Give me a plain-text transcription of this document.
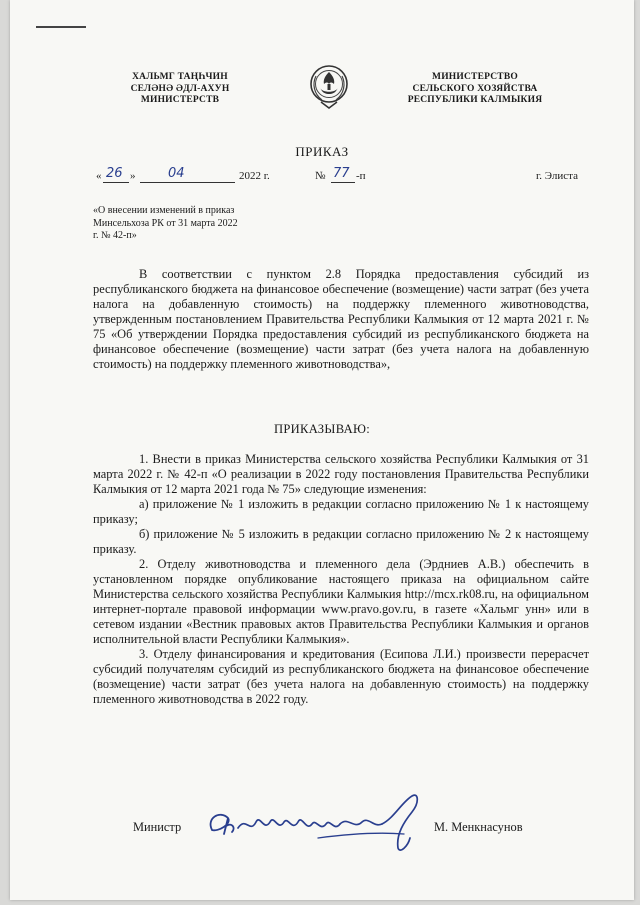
ХАЛЬМГ ТАҢҺЧИН
СЕЛӘНӘ ӘДЛ-АХУН
МИНИСТЕРСТВ
МИНИСТЕРСТВО
СЕЛЬСКОГО ХОЗЯЙСТВА
РЕСПУБЛИКИ КАЛМЫКИЯ
ПРИКАЗ
« 26 »	04	2022 г.	№ 77 -п	г. Элиста
«О внесении изменений в приказ
Минсельхоза РК от 31 марта 2022
г. № 42-п»

В соответствии с пунктом 2.8 Порядка предоставления субсидий из республиканского бюджета на финансовое обеспечение (возмещение) части затрат (без учета налога на добавленную стоимость) на поддержку племенного животноводства, утвержденным постановлением Правительства Республики Калмыкия от 12 марта 2021 г. № 75 «Об утверждении Порядка предоставления субсидий из республиканского бюджета на финансовое обеспечение (возмещение) части затрат (без учета налога на добавленную стоимость) на поддержку племенного животноводства»,

ПРИКАЗЫВАЮ:

1. Внести в приказ Министерства сельского хозяйства Республики Калмыкия от 31 марта 2022 г. № 42-п «О реализации в 2022 году постановления Правительства Республики Калмыкия от 12 марта 2021 года № 75» следующие изменения:

а) приложение № 1 изложить в редакции согласно приложению № 1 к настоящему приказу;

б) приложение № 5 изложить в редакции согласно приложению № 2 к настоящему приказу.

2. Отделу животноводства и племенного дела (Эрдниев А.В.) обеспечить в установленном порядке опубликование настоящего приказа на официальном сайте Министерства сельского хозяйства Республики Калмыкия http://mcx.rk08.ru, на официальном интернет-портале правовой информации www.pravo.gov.ru, в газете «Хальмг унн» или в сетевом издании «Вестник правовых актов Правительства Республики Калмыкия и органов исполнительной власти Республики Калмыкия».

3. Отделу финансирования и кредитования (Есипова Л.И.) произвести перерасчет субсидий получателям субсидий из республиканского бюджета на финансовое обеспечение (возмещение) части затрат (без учета налога на добавленную стоимость) на поддержку племенного животноводства в 2022 году.

Министр	М. Менкнасунов
